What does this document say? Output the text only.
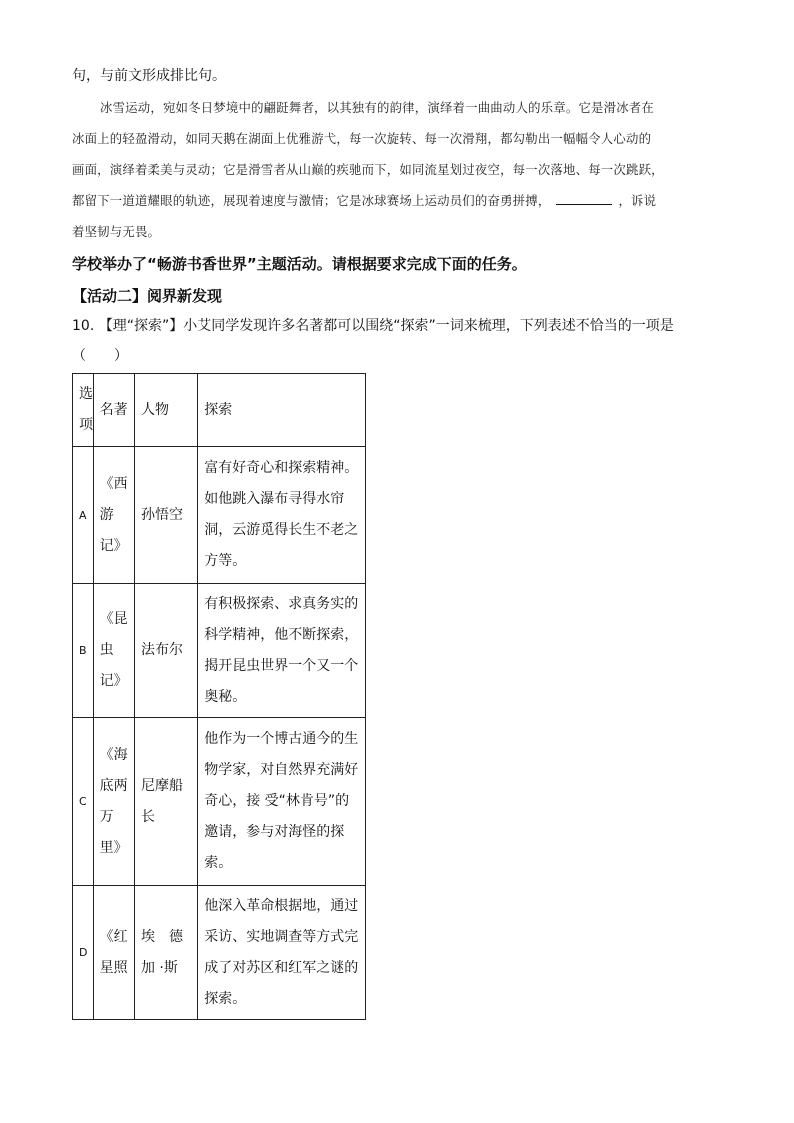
句，与前文形成排比句。
冰雪运动，宛如冬日梦境中的翩跹舞者，以其独有的韵律，演绎着一曲曲动人的乐章。它是滑冰者在
冰面上的轻盈滑动，如同天鹅在湖面上优雅游弋，每一次旋转、每一次滑翔，都勾勒出一幅幅令人心动的
画面，演绎着柔美与灵动；它是滑雪者从山巅的疾驰而下，如同流星划过夜空，每一次落地、每一次跳跃，
都留下一道道耀眼的轨迹，展现着速度与激情；它是冰球赛场上运动员们的奋勇拼搏，	，诉说
着坚韧与无畏。
学校举办了“畅游书香世界”主题活动。请根据要求完成下面的任务。
【活动二】阅界新发现
10. 【理“探索”】小艾同学发现许多名著都可以围绕“探索”一词来梳理，下列表述不恰当的一项是
（　　）
选项	名著	人物	探索
A	《西游记》	孙悟空	富有好奇心和探索精神。如他跳入瀑布寻得水帘洞，云游觅得长生不老之方等。
B	《昆虫记》	法布尔	有积极探索、求真务实的科学精神，他不断探索，揭开昆虫世界一个又一个奥秘。
C	《海底两万里》	尼摩船长	他作为一个博古通今的生物学家，对自然界充满好奇心，接 受“林肯号”的邀请，参与对海怪的探索。
D	《红星照	埃　德加 ·斯	他深入革命根据地，通过采访、实地调查等方式完成了对苏区和红军之谜的探索。
